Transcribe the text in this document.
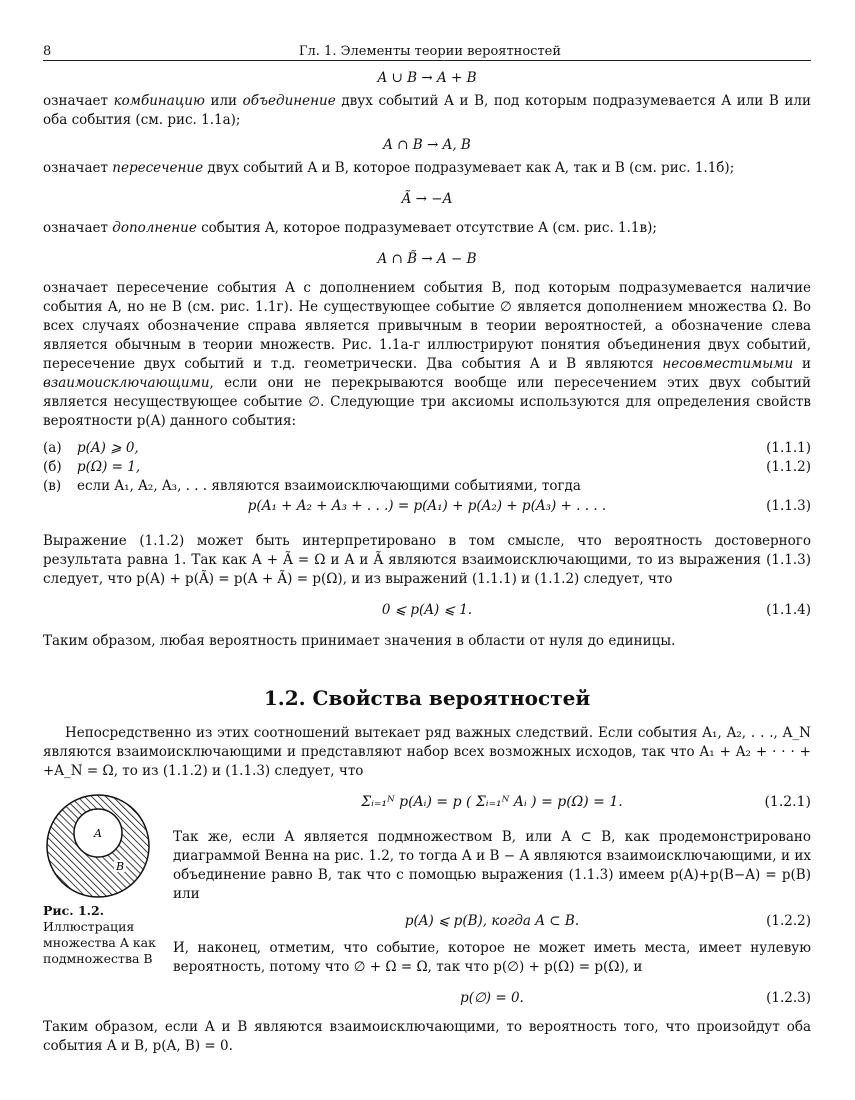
8	Гл. 1. Элементы теории вероятностей
A ∪ B → A + B

означает комбинацию или объединение двух событий A и B, под которым подразумевается A или B или оба события (см. рис. 1.1а);

A ∩ B → A, B

означает пересечение двух событий A и B, которое подразумевает как A, так и B (см. рис. 1.1б);

Ã → −A

означает дополнение события A, которое подразумевает отсутствие A (см. рис. 1.1в);

A ∩ B̃ → A − B

означает пересечение события A с дополнением события B, под которым подразумевается наличие события A, но не B (см. рис. 1.1г). Не существующее событие ∅ является дополнением множества Ω. Во всех случаях обозначение справа является привычным в теории вероятностей, а обозначение слева является обычным в теории множеств. Рис. 1.1а-г иллюстрируют понятия объединения двух событий, пересечение двух событий и т.д. геометрически. Два события A и B являются несовместимыми и взаимоисключающими, если они не перекрываются вообще или пересечением этих двух событий является несуществующее событие ∅. Следующие три аксиомы используются для определения свойств вероятности p(A) данного события:

(а) p(A) ⩾ 0,	(1.1.1)
(б) p(Ω) = 1,	(1.1.2)
(в) если A₁, A₂, A₃, . . . являются взаимоисключающими событиями, тогда
p(A₁ + A₂ + A₃ + . . .) = p(A₁) + p(A₂) + p(A₃) + . . . .	(1.1.3)

Выражение (1.1.2) может быть интерпретировано в том смысле, что вероятность достоверного результата равна 1. Так как A + Ã = Ω и A и Ã являются взаимоисключающими, то из выражения (1.1.3) следует, что p(A) + p(Ã) = p(A + Ã) = p(Ω), и из выражений (1.1.1) и (1.1.2) следует, что

0 ⩽ p(A) ⩽ 1.	(1.1.4)

Таким образом, любая вероятность принимает значения в области от нуля до единицы.

1.2. Свойства вероятностей

Непосредственно из этих соотношений вытекает ряд важных следствий. Если события A₁, A₂, . . ., A_N являются взаимоисключающими и представляют набор всех возможных исходов, так что A₁ + A₂ + · · · + +A_N = Ω, то из (1.1.2) и (1.1.3) следует, что

A
B
Рис. 1.2. Иллюстрация множества A как подмножества B
Σᵢ₌₁ᴺ p(Aᵢ) = p ( Σᵢ₌₁ᴺ Aᵢ ) = p(Ω) = 1.	(1.2.1)

Так же, если A является подмножеством B, или A ⊂ B, как продемонстрировано диаграммой Венна на рис. 1.2, то тогда A и B − A являются взаимоисключающими, и их объединение равно B, так что с помощью выражения (1.1.3) имеем p(A)+p(B−A) = p(B) или

p(A) ⩽ p(B), когда A ⊂ B.	(1.2.2)

И, наконец, отметим, что событие, которое не может иметь места, имеет нулевую вероятность, потому что ∅ + Ω = Ω, так что p(∅) + p(Ω) = p(Ω), и

p(∅) = 0.	(1.2.3)

Таким образом, если A и B являются взаимоисключающими, то вероятность того, что произойдут оба события A и B, p(A, B) = 0.
